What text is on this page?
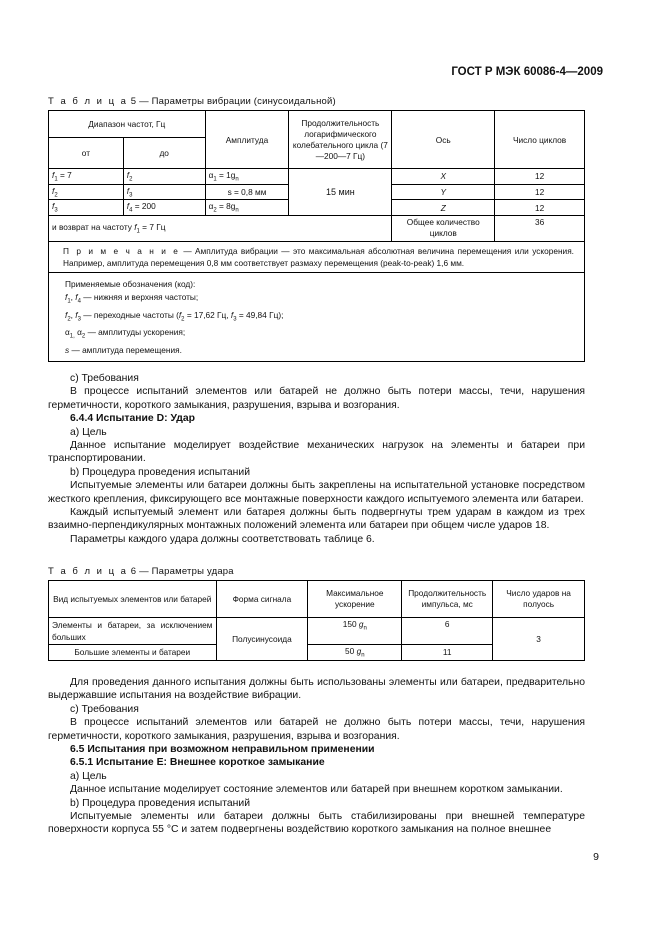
ГОСТ Р МЭК 60086-4—2009
Т а б л и ц а 5 — Параметры вибрации (синусоидальной)
Диапазон частот, Гц		Амплитуда	Продолжительность логарифмического колебательного цикла (7—200—7 Гц)	Ось	Число циклов
от	до				
$f_1 = 7$	$f_2$	$\alpha_1 = 1g_n$	15 мин	X	12
$f_2$	$f_3$	s = 0,8 мм		Y	12
$f_3$	$f_4 = 200$	$\alpha_2 = 8g_n$		Z	12
и возврат на частоту $f_1 = 7$ Гц				Общее количество циклов	36
П р и м е ч а н и е — Амплитуда вибрации — это максимальная абсолютная величина перемещения или ускорения. Например, амплитуда перемещения 0,8 мм соответствует размаху перемещения (peak-to-peak) 1,6 мм.					

Применяемые обозначения (код):
$f_1$, $f_4$ — нижняя и верхняя частоты;
$f_2$, $f_3$ — переходные частоты ($f_2 = 17,62$ Гц, $f_3 = 49,84$ Гц);
$\alpha_{1,}$ $\alpha_2$ — амплитуды ускорения;
s — амплитуда перемещения.					

c) Требования

В процессе испытаний элементов или батарей не должно быть потери массы, течи, нарушения герметичности, короткого замыкания, разрушения, взрыва и возгорания.

6.4.4 Испытание D: Удар

a) Цель

Данное испытание моделирует воздействие механических нагрузок на элементы и батареи при транспортировании.

b) Процедура проведения испытаний

Испытуемые элементы или батареи должны быть закреплены на испытательной установке посредством жесткого крепления, фиксирующего все монтажные поверхности каждого испытуемого элемента или батареи.

Каждый испытуемый элемент или батарея должны быть подвергнуты трем ударам в каждом из трех взаимно-перпендикулярных монтажных положений элемента или батареи при общем числе ударов 18.

Параметры каждого удара должны соответствовать таблице 6.

Т а б л и ц а 6 — Параметры удара
Вид испытуемых элементов или батарей	Форма сигнала	Максимальное ускорение	Продолжительность импульса, мс	Число ударов на полуось
Элементы и батареи, за исключением больших	Полусинусоида	150 $g_n$	6	3
Большие элементы и батареи		50 $g_n$	11	

Для проведения данного испытания должны быть использованы элементы или батареи, предварительно выдержавшие испытания на воздействие вибрации.

c) Требования

В процессе испытаний элементов или батарей не должно быть потери массы, течи, нарушения герметичности, короткого замыкания, разрушения, взрыва и возгорания.

6.5 Испытания при возможном неправильном применении

6.5.1 Испытание E: Внешнее короткое замыкание

a) Цель

Данное испытание моделирует состояние элементов или батарей при внешнем коротком замыкании.

b) Процедура проведения испытаний

Испытуемые элементы или батареи должны быть стабилизированы при внешней температуре поверхности корпуса 55 °С и затем подвергнены воздействию короткого замыкания на полное внешнее

9
